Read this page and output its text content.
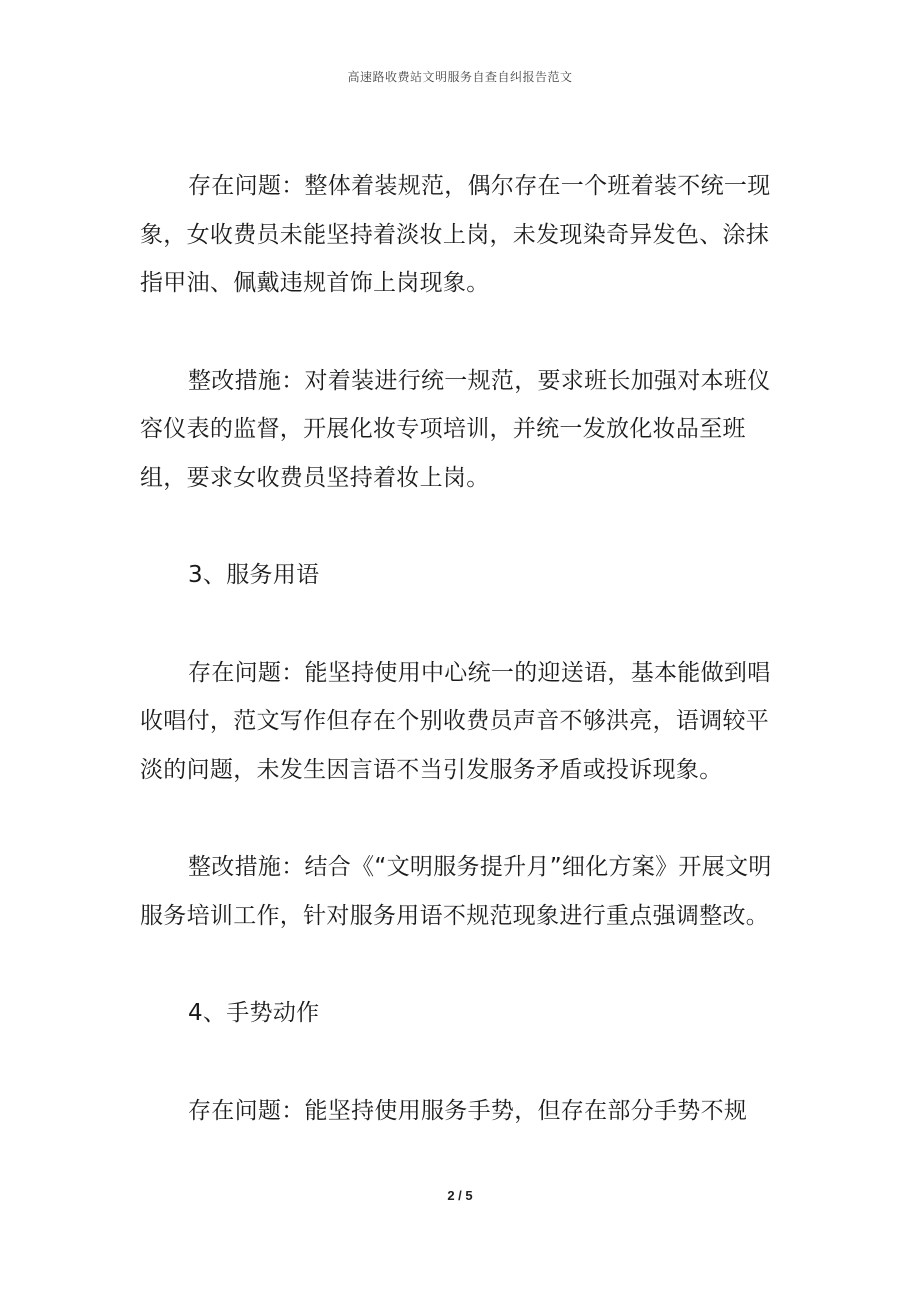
高速路收费站文明服务自查自纠报告范文

存在问题：整体着装规范，偶尔存在一个班着装不统一现象，女收费员未能坚持着淡妆上岗，未发现染奇异发色、涂抹指甲油、佩戴违规首饰上岗现象。

整改措施：对着装进行统一规范，要求班长加强对本班仪容仪表的监督，开展化妆专项培训，并统一发放化妆品至班组，要求女收费员坚持着妆上岗。

3、服务用语

存在问题：能坚持使用中心统一的迎送语，基本能做到唱收唱付，范文写作但存在个别收费员声音不够洪亮，语调较平淡的问题，未发生因言语不当引发服务矛盾或投诉现象。

整改措施：结合《“文明服务提升月”细化方案》开展文明服务培训工作，针对服务用语不规范现象进行重点强调整改。

4、手势动作

存在问题：能坚持使用服务手势，但存在部分手势不规

2 / 5
